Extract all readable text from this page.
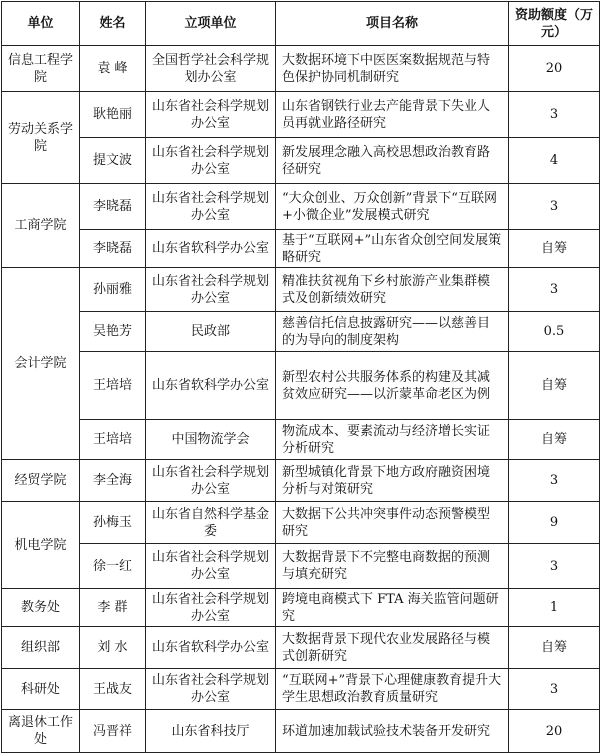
单位	姓名	立项单位	项目名称	资助额度（万元）
信息工程学院	袁 峰	全国哲学社会科学规划办公室	大数据环境下中医医案数据规范与特色保护协同机制研究	20
劳动关系学院	耿艳丽	山东省社会科学规划办公室	山东省钢铁行业去产能背景下失业人员再就业路径研究	3
	提文波	山东省社会科学规划办公室	新发展理念融入高校思想政治教育路径研究	4
工商学院	李晓磊	山东省社会科学规划办公室	“大众创业、万众创新”背景下“互联网+小微企业”发展模式研究	3
	李晓磊	山东省软科学办公室	基于“互联网+”山东省众创空间发展策略研究	自筹
会计学院	孙丽雅	山东省社会科学规划办公室	精准扶贫视角下乡村旅游产业集群模式及创新绩效研究	3
	吴艳芳	民政部	慈善信托信息披露研究——以慈善目的为导向的制度架构	0.5
	王培培	山东省软科学办公室	新型农村公共服务体系的构建及其减贫效应研究——以沂蒙革命老区为例	自筹
	王培培	中国物流学会	物流成本、要素流动与经济增长实证分析研究	自筹
经贸学院	李全海	山东省社会科学规划办公室	新型城镇化背景下地方政府融资困境分析与对策研究	3
机电学院	孙梅玉	山东省自然科学基金委	大数据下公共冲突事件动态预警模型研究	9
	徐一红	山东省社会科学规划办公室	大数据背景下不完整电商数据的预测与填充研究	3
教务处	李 群	山东省社会科学规划办公室	跨境电商模式下 FTA 海关监管问题研究	1
组织部	刘 水	山东省软科学办公室	大数据背景下现代农业发展路径与模式创新研究	自筹
科研处	王战友	山东省社会科学规划办公室	“互联网+”背景下心理健康教育提升大学生思想政治教育质量研究	3
离退休工作处	冯晋祥	山东省科技厅	环道加速加载试验技术装备开发研究	20
